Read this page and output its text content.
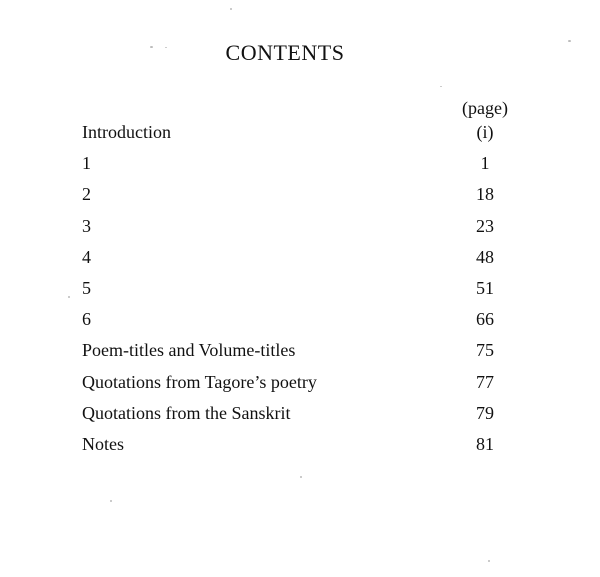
CONTENTS
(page)
Introduction	(i)
1	1
2	18
3	23
4	48
5	51
6	66
Poem-titles and Volume-titles	75
Quotations from Tagore’s poetry	77
Quotations from the Sanskrit	79
Notes	81
